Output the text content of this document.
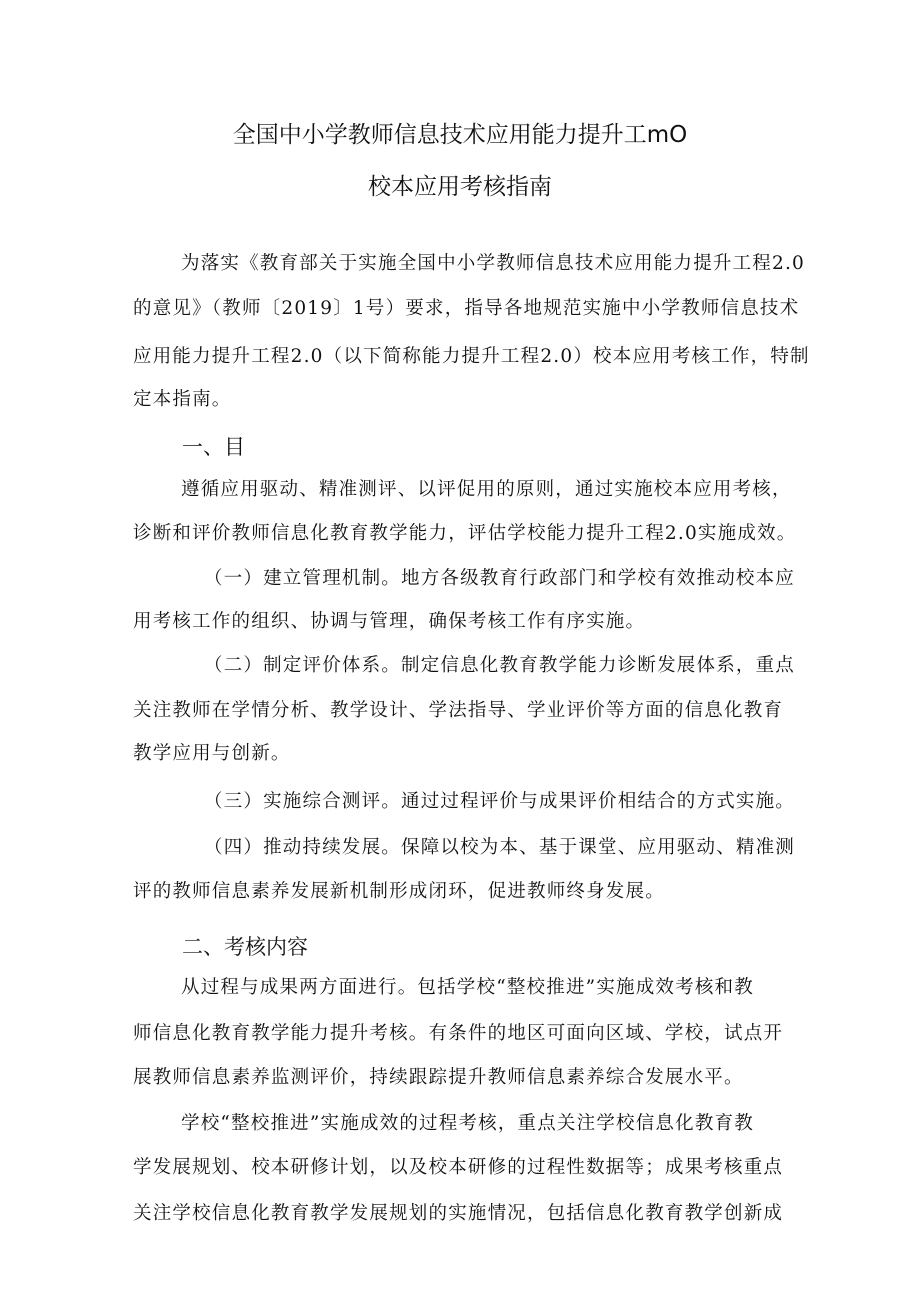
全国中小学教师信息技术应用能力提升工mO
校本应用考核指南
为落实《教育部关于实施全国中小学教师信息技术应用能力提升工程2.0
的意见》（教师〔2019〕1号）要求，指导各地规范实施中小学教师信息技术
应用能力提升工程2.0（以下简称能力提升工程2.0）校本应用考核工作，特制
定本指南。
一、目
遵循应用驱动、精准测评、以评促用的原则，通过实施校本应用考核，
诊断和评价教师信息化教育教学能力，评估学校能力提升工程2.0实施成效。
（一）建立管理机制。地方各级教育行政部门和学校有效推动校本应
用考核工作的组织、协调与管理，确保考核工作有序实施。
（二）制定评价体系。制定信息化教育教学能力诊断发展体系，重点
关注教师在学情分析、教学设计、学法指导、学业评价等方面的信息化教育
教学应用与创新。
（三）实施综合测评。通过过程评价与成果评价相结合的方式实施。
（四）推动持续发展。保障以校为本、基于课堂、应用驱动、精准测
评的教师信息素养发展新机制形成闭环，促进教师终身发展。
二、考核内容
从过程与成果两方面进行。包括学校“整校推进”实施成效考核和教
师信息化教育教学能力提升考核。有条件的地区可面向区域、学校，试点开
展教师信息素养监测评价，持续跟踪提升教师信息素养综合发展水平。
学校“整校推进”实施成效的过程考核，重点关注学校信息化教育教
学发展规划、校本研修计划，以及校本研修的过程性数据等；成果考核重点
关注学校信息化教育教学发展规划的实施情况，包括信息化教育教学创新成
